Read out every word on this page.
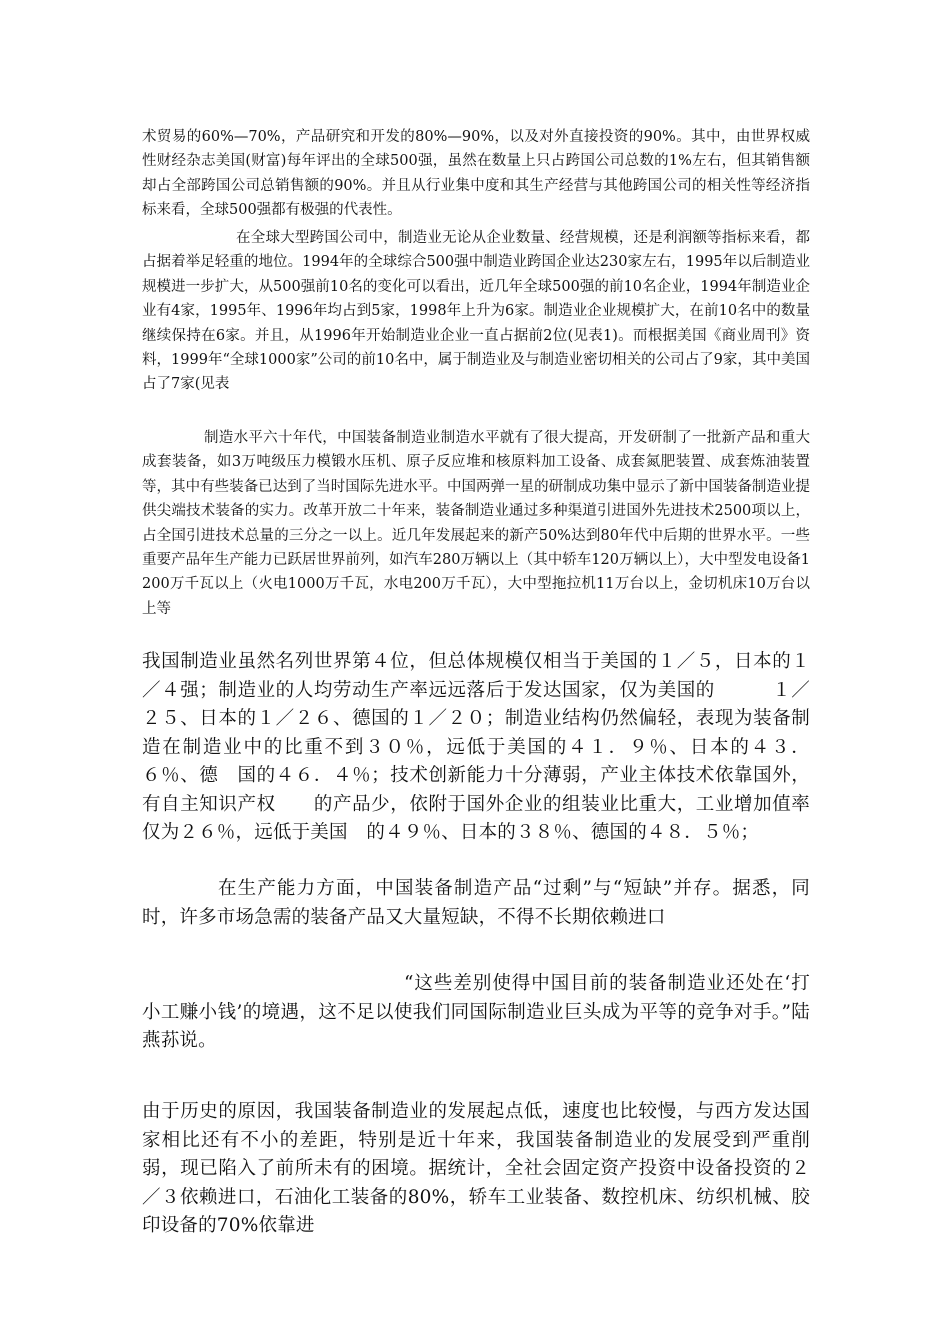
术贸易的60%—70%，产品研究和开发的80%—90%，以及对外直接投资的90%。其中，由世界权威性财经杂志美国(财富)每年评出的全球500强，虽然在数量上只占跨国公司总数的1%左右，但其销售额却占全部跨国公司总销售额的90%。并且从行业集中度和其生产经营与其他跨国公司的相关性等经济指标来看，全球500强都有极强的代表性。

在全球大型跨国公司中，制造业无论从企业数量、经营规模，还是利润额等指标来看，都占据着举足轻重的地位。1994年的全球综合500强中制造业跨国企业达230家左右，1995年以后制造业规模进一步扩大，从500强前10名的变化可以看出，近几年全球500强的前10名企业，1994年制造业企业有4家，1995年、1996年均占到5家，1998年上升为6家。制造业企业规模扩大，在前10名中的数量继续保持在6家。并且，从1996年开始制造业企业一直占据前2位(见表1)。而根据美国《商业周刊》资料，1999年“全球1000家”公司的前10名中，属于制造业及与制造业密切相关的公司占了9家，其中美国占了7家(见表

制造水平六十年代，中国装备制造业制造水平就有了很大提高，开发研制了一批新产品和重大成套装备，如3万吨级压力模锻水压机、原子反应堆和核原料加工设备、成套氮肥装置、成套炼油装置等，其中有些装备已达到了当时国际先进水平。中国两弹一星的研制成功集中显示了新中国装备制造业提供尖端技术装备的实力。改革开放二十年来，装备制造业通过多种渠道引进国外先进技术2500项以上，占全国引进技术总量的三分之一以上。近几年发展起来的新产50%达到80年代中后期的世界水平。一些重要产品年生产能力已跃居世界前列，如汽车280万辆以上（其中轿车120万辆以上），大中型发电设备1200万千瓦以上（火电1000万千瓦，水电200万千瓦），大中型拖拉机11万台以上，金切机床10万台以上等

我国制造业虽然名列世界第４位，但总体规模仅相当于美国的１／５，日本的１／４强；制造业的人均劳动生产率远远落后于发达国家，仅为美国的　　　１／２５、日本的１／２６、德国的１／２０；制造业结构仍然偏轻，表现为装备制　　　造在制造业中的比重不到３０％，远低于美国的４１．９％、日本的４３．６％、德　国的４６．４％；技术创新能力十分薄弱，产业主体技术依靠国外，有自主知识产权　　的产品少，依附于国外企业的组装业比重大，工业增加值率仅为２６％，远低于美国　的４９％、日本的３８％、德国的４８．５％；

在生产能力方面，中国装备制造产品“过剩”与“短缺”并存。据悉，同时，许多市场急需的装备产品又大量短缺，不得不长期依赖进口

“这些差别使得中国目前的装备制造业还处在‘打小工赚小钱’的境遇，这不足以使我们同国际制造业巨头成为平等的竞争对手。”陆燕荪说。

由于历史的原因，我国装备制造业的发展起点低，速度也比较慢，与西方发达国家相比还有不小的差距，特别是近十年来，我国装备制造业的发展受到严重削弱，现已陷入了前所未有的困境。据统计，全社会固定资产投资中设备投资的２／３依赖进口，石油化工装备的80%，轿车工业装备、数控机床、纺织机械、胶印设备的70%依靠进
